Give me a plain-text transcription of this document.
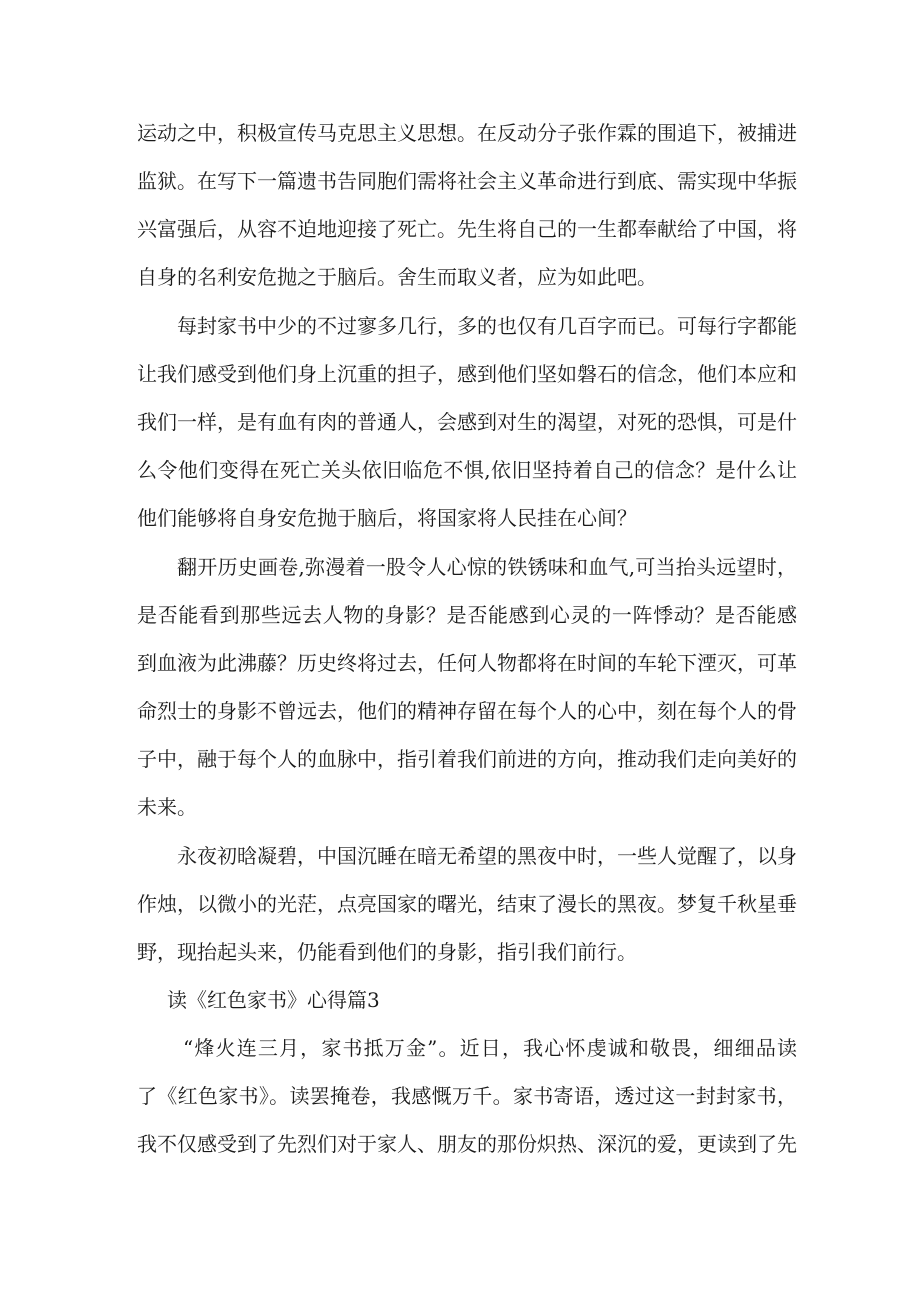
运动之中，积极宣传马克思主义思想。在反动分子张作霖的围追下，被捕进
监狱。在写下一篇遗书告同胞们需将社会主义革命进行到底、需实现中华振
兴富强后，从容不迫地迎接了死亡。先生将自己的一生都奉献给了中国，将
自身的名利安危抛之于脑后。舍生而取义者，应为如此吧。
每封家书中少的不过寥多几行，多的也仅有几百字而已。可每行字都能
让我们感受到他们身上沉重的担子，感到他们坚如磐石的信念，他们本应和
我们一样，是有血有肉的普通人，会感到对生的渴望，对死的恐惧，可是什
么令他们变得在死亡关头依旧临危不惧,依旧坚持着自己的信念？是什么让
他们能够将自身安危抛于脑后，将国家将人民挂在心间？
翻开历史画卷,弥漫着一股令人心惊的铁锈味和血气,可当抬头远望时，
是否能看到那些远去人物的身影？是否能感到心灵的一阵悸动？是否能感
到血液为此沸藤？历史终将过去，任何人物都将在时间的车轮下湮灭，可革
命烈士的身影不曾远去，他们的精神存留在每个人的心中，刻在每个人的骨
子中，融于每个人的血脉中，指引着我们前进的方向，推动我们走向美好的
未来。
永夜初晗凝碧，中国沉睡在暗无希望的黑夜中时，一些人觉醒了，以身
作烛，以微小的光茫，点亮国家的曙光，结束了漫长的黑夜。梦复千秋星垂
野，现抬起头来，仍能看到他们的身影，指引我们前行。
读《红色家书》心得篇3
“烽火连三月，家书抵万金”。近日，我心怀虔诚和敬畏，细细品读
了《红色家书》。读罢掩卷，我感慨万千。家书寄语，透过这一封封家书，
我不仅感受到了先烈们对于家人、朋友的那份炽热、深沉的爱，更读到了先
